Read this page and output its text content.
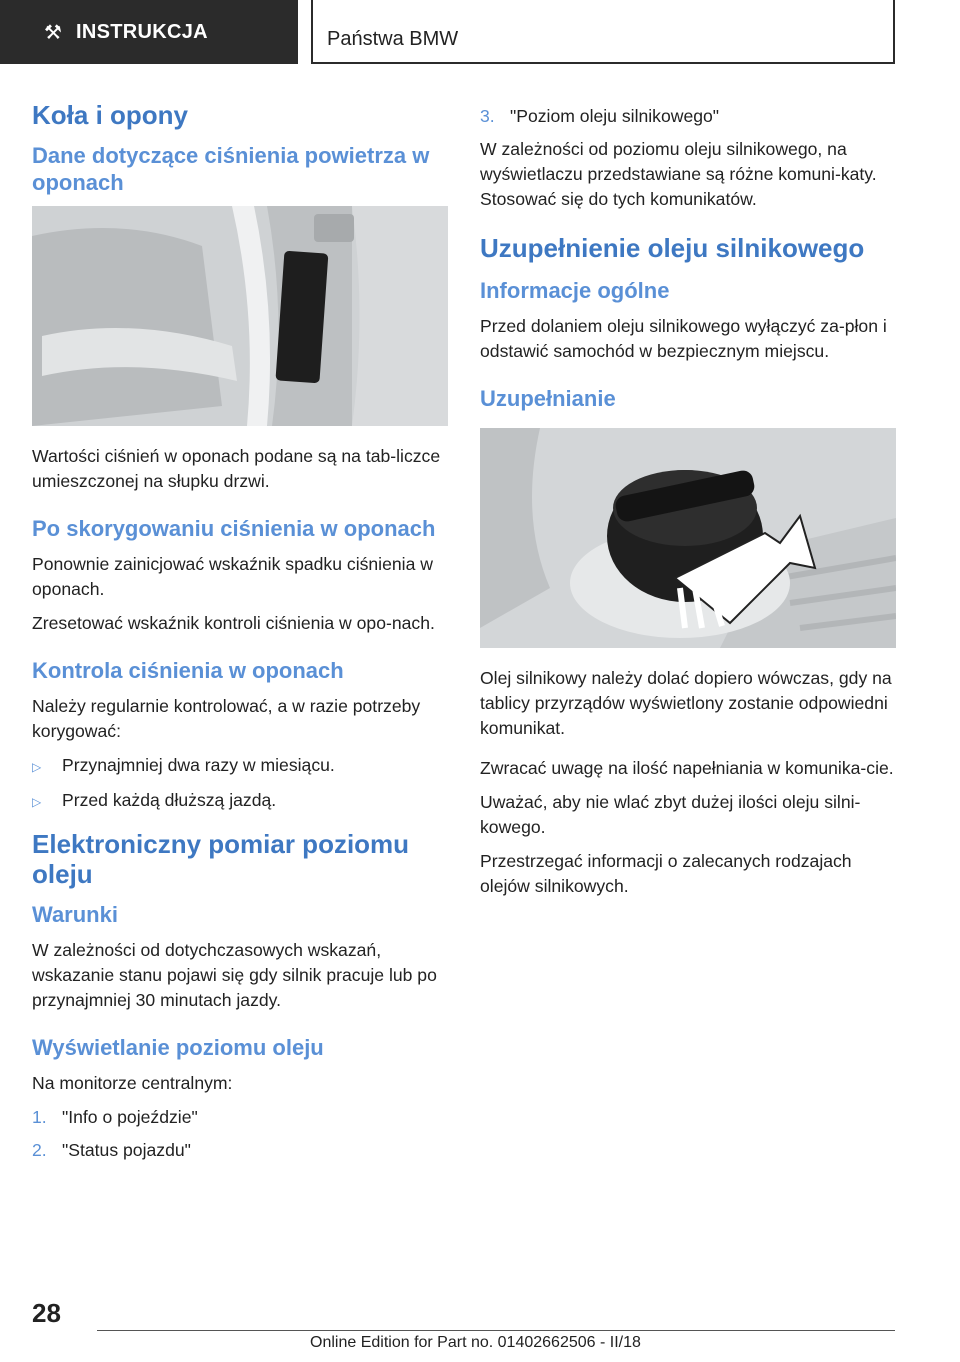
⚒ INSTRUKCJA	Państwa BMW
Koła i opony
Dane dotyczące ciśnienia powietrza w oponach

Wartości ciśnień w oponach podane są na tab‐liczce umieszczonej na słupku drzwi.

Po skorygowaniu ciśnienia w oponach

Ponownie zainicjować wskaźnik spadku ciśnienia w oponach.

Zresetować wskaźnik kontroli ciśnienia w opo‐nach.

Kontrola ciśnienia w oponach

Należy regularnie kontrolować, a w razie potrzeby korygować:

▷	Przynajmniej dwa razy w miesiącu.
▷	Przed każdą dłuższą jazdą.
Elektroniczny pomiar poziomu oleju
Warunki

W zależności od dotychczasowych wskazań, wskazanie stanu pojawi się gdy silnik pracuje lub po przynajmniej 30 minutach jazdy.

Wyświetlanie poziomu oleju

Na monitorze centralnym:

1. "Info o pojeździe"
2. "Status pojazdu"
3. "Poziom oleju silnikowego"

W zależności od poziomu oleju silnikowego, na wyświetlaczu przedstawiane są różne komuni‐katy. Stosować się do tych komunikatów.

Uzupełnienie oleju silnikowego
Informacje ogólne

Przed dolaniem oleju silnikowego wyłączyć za‐płon i odstawić samochód w bezpiecznym miejscu.

Uzupełnianie

Olej silnikowy należy dolać dopiero wówczas, gdy na tablicy przyrządów wyświetlony zostanie odpowiedni komunikat.

Zwracać uwagę na ilość napełniania w komunika‐cie.

Uważać, aby nie wlać zbyt dużej ilości oleju silni‐kowego.

Przestrzegać informacji o zalecanych rodzajach olejów silnikowych.

28
Online Edition for Part no. 01402662506 - II/18
